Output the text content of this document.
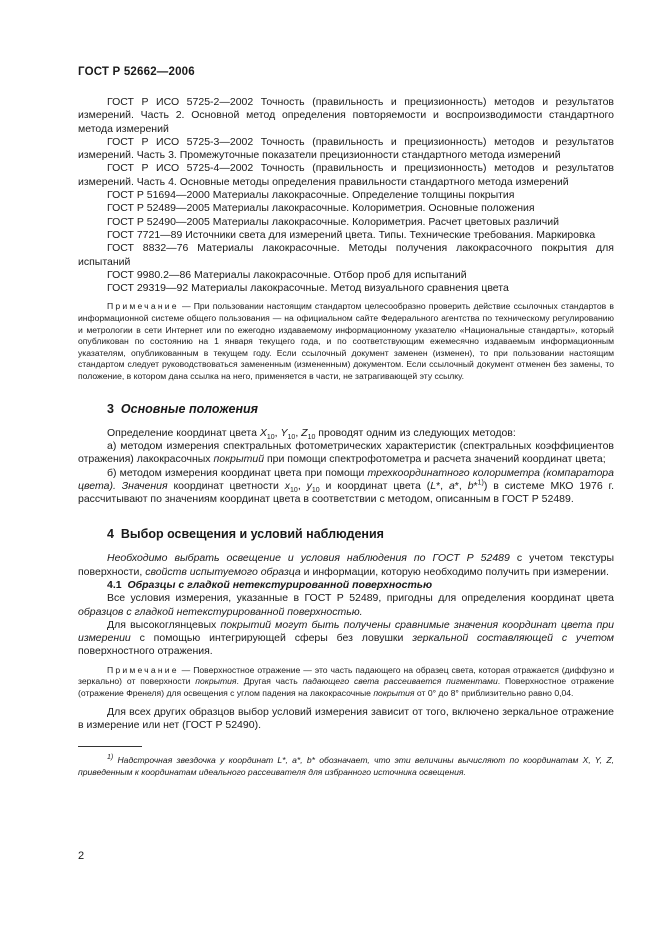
ГОСТ Р 52662—2006

ГОСТ Р ИСО 5725-2—2002 Точность (правильность и прецизионность) методов и результатов измерений. Часть 2. Основной метод определения повторяемости и воспроизводимости стандартного метода измерений

ГОСТ Р ИСО 5725-3—2002 Точность (правильность и прецизионность) методов и результатов измерений. Часть 3. Промежуточные показатели прецизионности стандартного метода измерений

ГОСТ Р ИСО 5725-4—2002 Точность (правильность и прецизионность) методов и результатов измерений. Часть 4. Основные методы определения правильности стандартного метода измерений

ГОСТ Р 51694—2000 Материалы лакокрасочные. Определение толщины покрытия

ГОСТ Р 52489—2005 Материалы лакокрасочные. Колориметрия. Основные положения

ГОСТ Р 52490—2005 Материалы лакокрасочные. Колориметрия. Расчет цветовых различий

ГОСТ 7721—89 Источники света для измерений цвета. Типы. Технические требования. Маркировка

ГОСТ 8832—76 Материалы лакокрасочные. Методы получения лакокрасочного покрытия для испытаний

ГОСТ 9980.2—86 Материалы лакокрасочные. Отбор проб для испытаний

ГОСТ 29319—92 Материалы лакокрасочные. Метод визуального сравнения цвета

Примечание — При пользовании настоящим стандартом целесообразно проверить действие ссылочных стандартов в информационной системе общего пользования — на официальном сайте Федерального агентства по техническому регулированию и метрологии в сети Интернет или по ежегодно издаваемому информационному указателю «Национальные стандарты», который опубликован по состоянию на 1 января текущего года, и по соответствующим ежемесячно издаваемым информационным указателям, опубликованным в текущем году. Если ссылочный документ заменен (изменен), то при пользовании настоящим стандартом следует руководствоваться замененным (измененным) документом. Если ссылочный документ отменен без замены, то положение, в котором дана ссылка на него, применяется в части, не затрагивающей эту ссылку.

3 Основные положения

Определение координат цвета $X_{10}$, $Y_{10}$, $Z_{10}$ проводят одним из следующих методов:

а) методом измерения спектральных фотометрических характеристик (спектральных коэффициентов отражения) лакокрасочных покрытий при помощи спектрофотометра и расчета значений координат цвета;

б) методом измерения координат цвета при помощи трехкоординатного колориметра (компаратора цвета). Значения координат цветности $x_{10}$, $y_{10}$ и координат цвета (L*, a*, b*$^{1)}$) в системе МКО 1976 г. рассчитывают по значениям координат цвета в соответствии с методом, описанным в ГОСТ Р 52489.

4 Выбор освещения и условий наблюдения

Необходимо выбрать освещение и условия наблюдения по ГОСТ Р 52489 с учетом текстуры поверхности, свойств испытуемого образца и информации, которую необходимо получить при измерении.

4.1 Образцы с гладкой нетекстурированной поверхностью

Все условия измерения, указанные в ГОСТ Р 52489, пригодны для определения координат цвета образцов с гладкой нетекстурированной поверхностью.

Для высокоглянцевых покрытий могут быть получены сравнимые значения координат цвета при измерении с помощью интегрирующей сферы без ловушки зеркальной составляющей с учетом поверхностного отражения.

Примечание — Поверхностное отражение — это часть падающего на образец света, которая отражается (диффузно и зеркально) от поверхности покрытия. Другая часть падающего света рассеивается пигментами. Поверхностное отражение (отражение Френеля) для освещения с углом падения на лакокрасочные покрытия от 0° до 8° приблизительно равно 0,04.

Для всех других образцов выбор условий измерения зависит от того, включено зеркальное отражение в измерение или нет (ГОСТ Р 52490).

$^{1)}$ Надстрочная звездочка у координат L*, a*, b* обозначает, что эти величины вычисляют по координатам X, Y, Z, приведенным к координатам идеального рассеивателя для избранного источника освещения.

2
